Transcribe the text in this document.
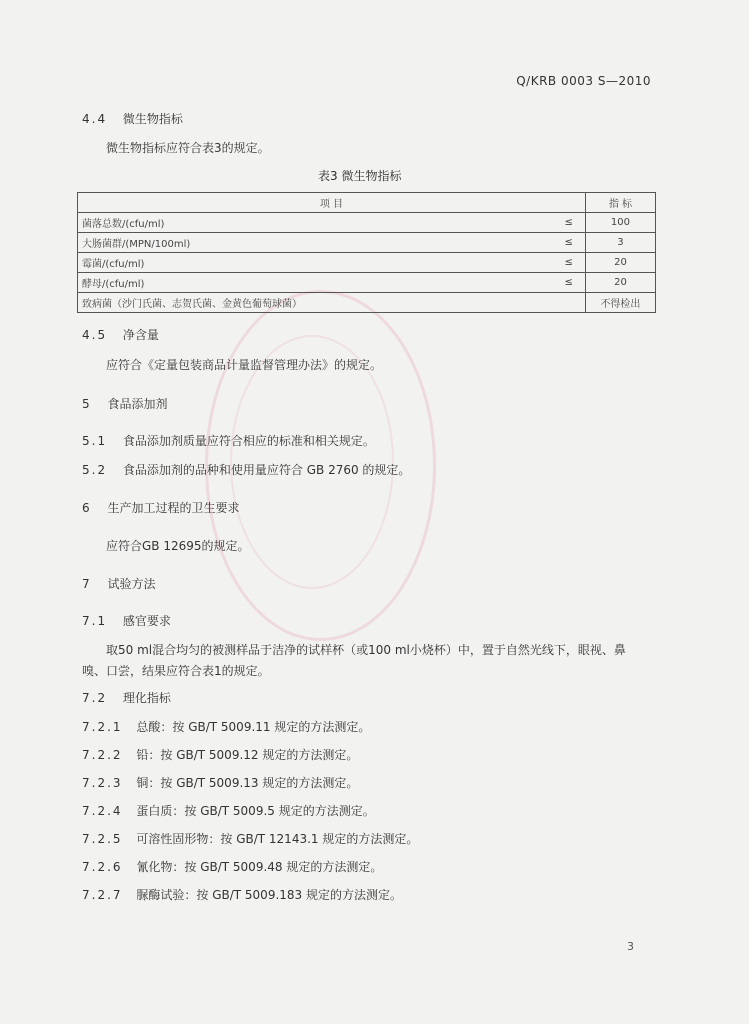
Q/KRB 0003 S—2010
4.4 微生物指标
微生物指标应符合表3的规定。
表3 微生物指标
项 目		指 标
菌落总数/(cfu/ml)	≤	100
大肠菌群/(MPN/100ml)	≤	3
霉菌/(cfu/ml)	≤	20
酵母/(cfu/ml)	≤	20
致病菌（沙门氏菌、志贺氏菌、金黄色葡萄球菌）		不得检出
4.5 净含量
应符合《定量包装商品计量监督管理办法》的规定。
5 食品添加剂
5.1 食品添加剂质量应符合相应的标准和相关规定。
5.2 食品添加剂的品种和使用量应符合 GB 2760 的规定。
6 生产加工过程的卫生要求
应符合GB 12695的规定。
7 试验方法
7.1 感官要求
取50 ml混合均匀的被测样品于洁净的试样杯（或100 ml小烧杯）中，置于自然光线下，眼视、鼻
嗅、口尝，结果应符合表1的规定。
7.2 理化指标
7.2.1 总酸：按 GB/T 5009.11 规定的方法测定。
7.2.2 铅：按 GB/T 5009.12 规定的方法测定。
7.2.3 铜：按 GB/T 5009.13 规定的方法测定。
7.2.4 蛋白质：按 GB/T 5009.5 规定的方法测定。
7.2.5 可溶性固形物：按 GB/T 12143.1 规定的方法测定。
7.2.6 氰化物：按 GB/T 5009.48 规定的方法测定。
7.2.7 脲酶试验：按 GB/T 5009.183 规定的方法测定。
3
